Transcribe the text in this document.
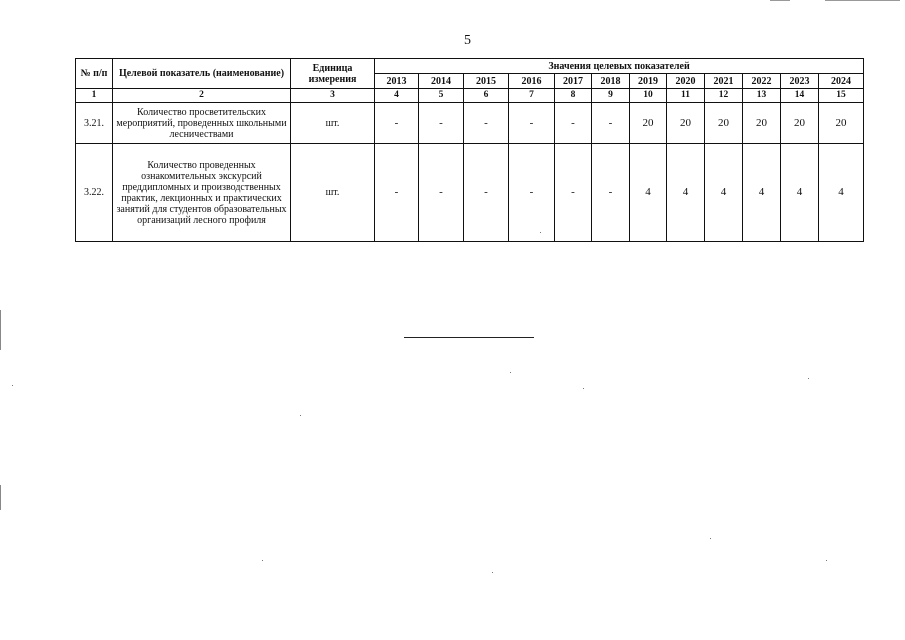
5
№ п/п	Целевой показатель (наименование)	Единица измерения	Значения целевых показателей											
			2013	2014	2015	2016	2017	2018	2019	2020	2021	2022	2023	2024
1	2	3	4	5	6	7	8	9	10	11	12	13	14	15
3.21.	Количество просветительских мероприятий, проведенных школьными лесничествами	шт.	-	-	-	-	-	-	20	20	20	20	20	20
3.22.	Количество проведенных ознакомительных экскурсий преддипломных и производственных практик, лекционных и практических занятий для студентов образовательных организаций лесного профиля	шт.	-	-	-	-	-	-	4	4	4	4	4	4
